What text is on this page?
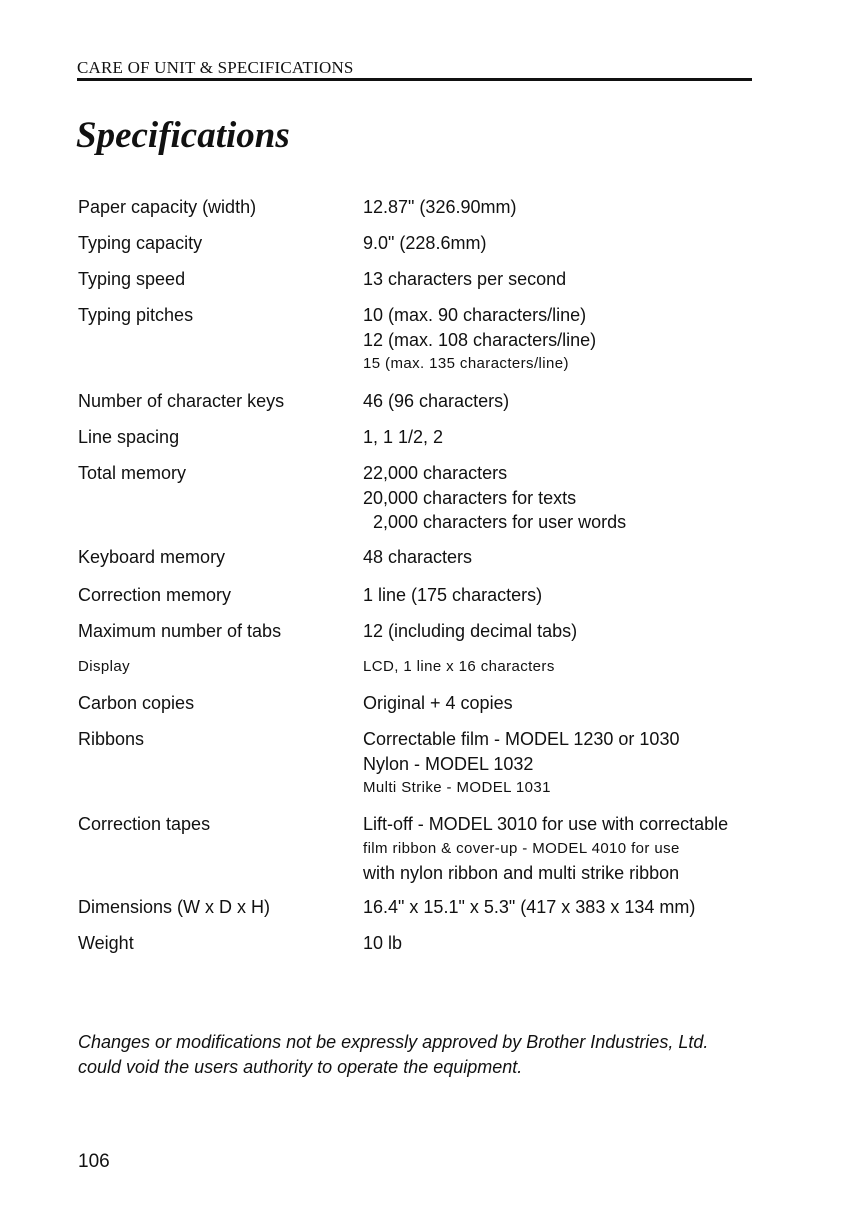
CARE OF UNIT & SPECIFICATIONS
Specifications
Paper capacity (width)	12.87" (326.90mm)
Typing capacity	9.0" (228.6mm)
Typing speed	13 characters per second
Typing pitches	10 (max. 90 characters/line)
12 (max. 108 characters/line)
15 (max. 135 characters/line)
Number of character keys	46 (96 characters)
Line spacing	1, 1 1/2, 2
Total memory	22,000 characters
20,000 characters for texts
2,000 characters for user words
Keyboard memory	48 characters
Correction memory	1 line (175 characters)
Maximum number of tabs	12 (including decimal tabs)
Display	LCD, 1 line x 16 characters
Carbon copies	Original + 4 copies
Ribbons	Correctable film - MODEL 1230 or 1030
Nylon - MODEL 1032
Multi Strike - MODEL 1031
Correction tapes	Lift-off - MODEL 3010 for use with correctable
film ribbon & cover-up - MODEL 4010 for use
with nylon ribbon and multi strike ribbon
Dimensions (W x D x H)	16.4" x 15.1" x 5.3" (417 x 383 x 134 mm)
Weight	10 lb
Changes or modifications not be expressly approved by Brother Industries, Ltd.
could void the users authority to operate the equipment.
106
